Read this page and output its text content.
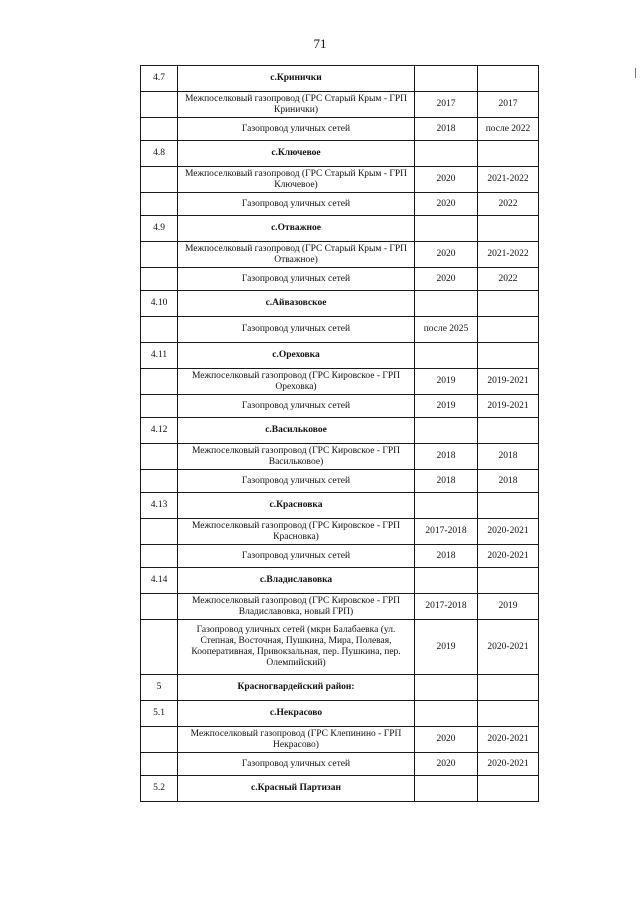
71
4.7	с.Кринички		
	Межпоселковый газопровод (ГРС Старый Крым - ГРП Кринички)	2017	2017
	Газопровод уличных сетей	2018	после 2022
4.8	с.Ключевое		
	Межпоселковый газопровод (ГРС Старый Крым - ГРП Ключевое)	2020	2021-2022
	Газопровод уличных сетей	2020	2022
4.9	с.Отважное		
	Межпоселковый газопровод (ГРС Старый Крым - ГРП Отважное)	2020	2021-2022
	Газопровод уличных сетей	2020	2022
4.10	с.Айвазовское		
	Газопровод уличных сетей	после 2025	
4.11	с.Ореховка		
	Межпоселковый газопровод (ГРС Кировское - ГРП Ореховка)	2019	2019-2021
	Газопровод уличных сетей	2019	2019-2021
4.12	с.Васильковое		
	Межпоселковый газопровод (ГРС Кировское - ГРП Васильковое)	2018	2018
	Газопровод уличных сетей	2018	2018
4.13	с.Красновка		
	Межпоселковый газопровод (ГРС Кировское - ГРП Красновка)	2017-2018	2020-2021
	Газопровод уличных сетей	2018	2020-2021
4.14	с.Владиславовка		
	Межпоселковый газопровод (ГРС Кировское - ГРП Владиславовка, новый ГРП)	2017-2018	2019
	Газопровод уличных сетей (мкрн Балабаевка (ул. Степная, Восточная, Пушкина, Мира, Полевая, Кооперативная, Привокзальная, пер. Пушкина, пер. Олемпийский)	2019	2020-2021
5	Красногвардейский район:		
5.1	с.Некрасово		
	Межпоселковый газопровод (ГРС Клепинино - ГРП Некрасово)	2020	2020-2021
	Газопровод уличных сетей	2020	2020-2021
5.2	с.Красный Партизан		
